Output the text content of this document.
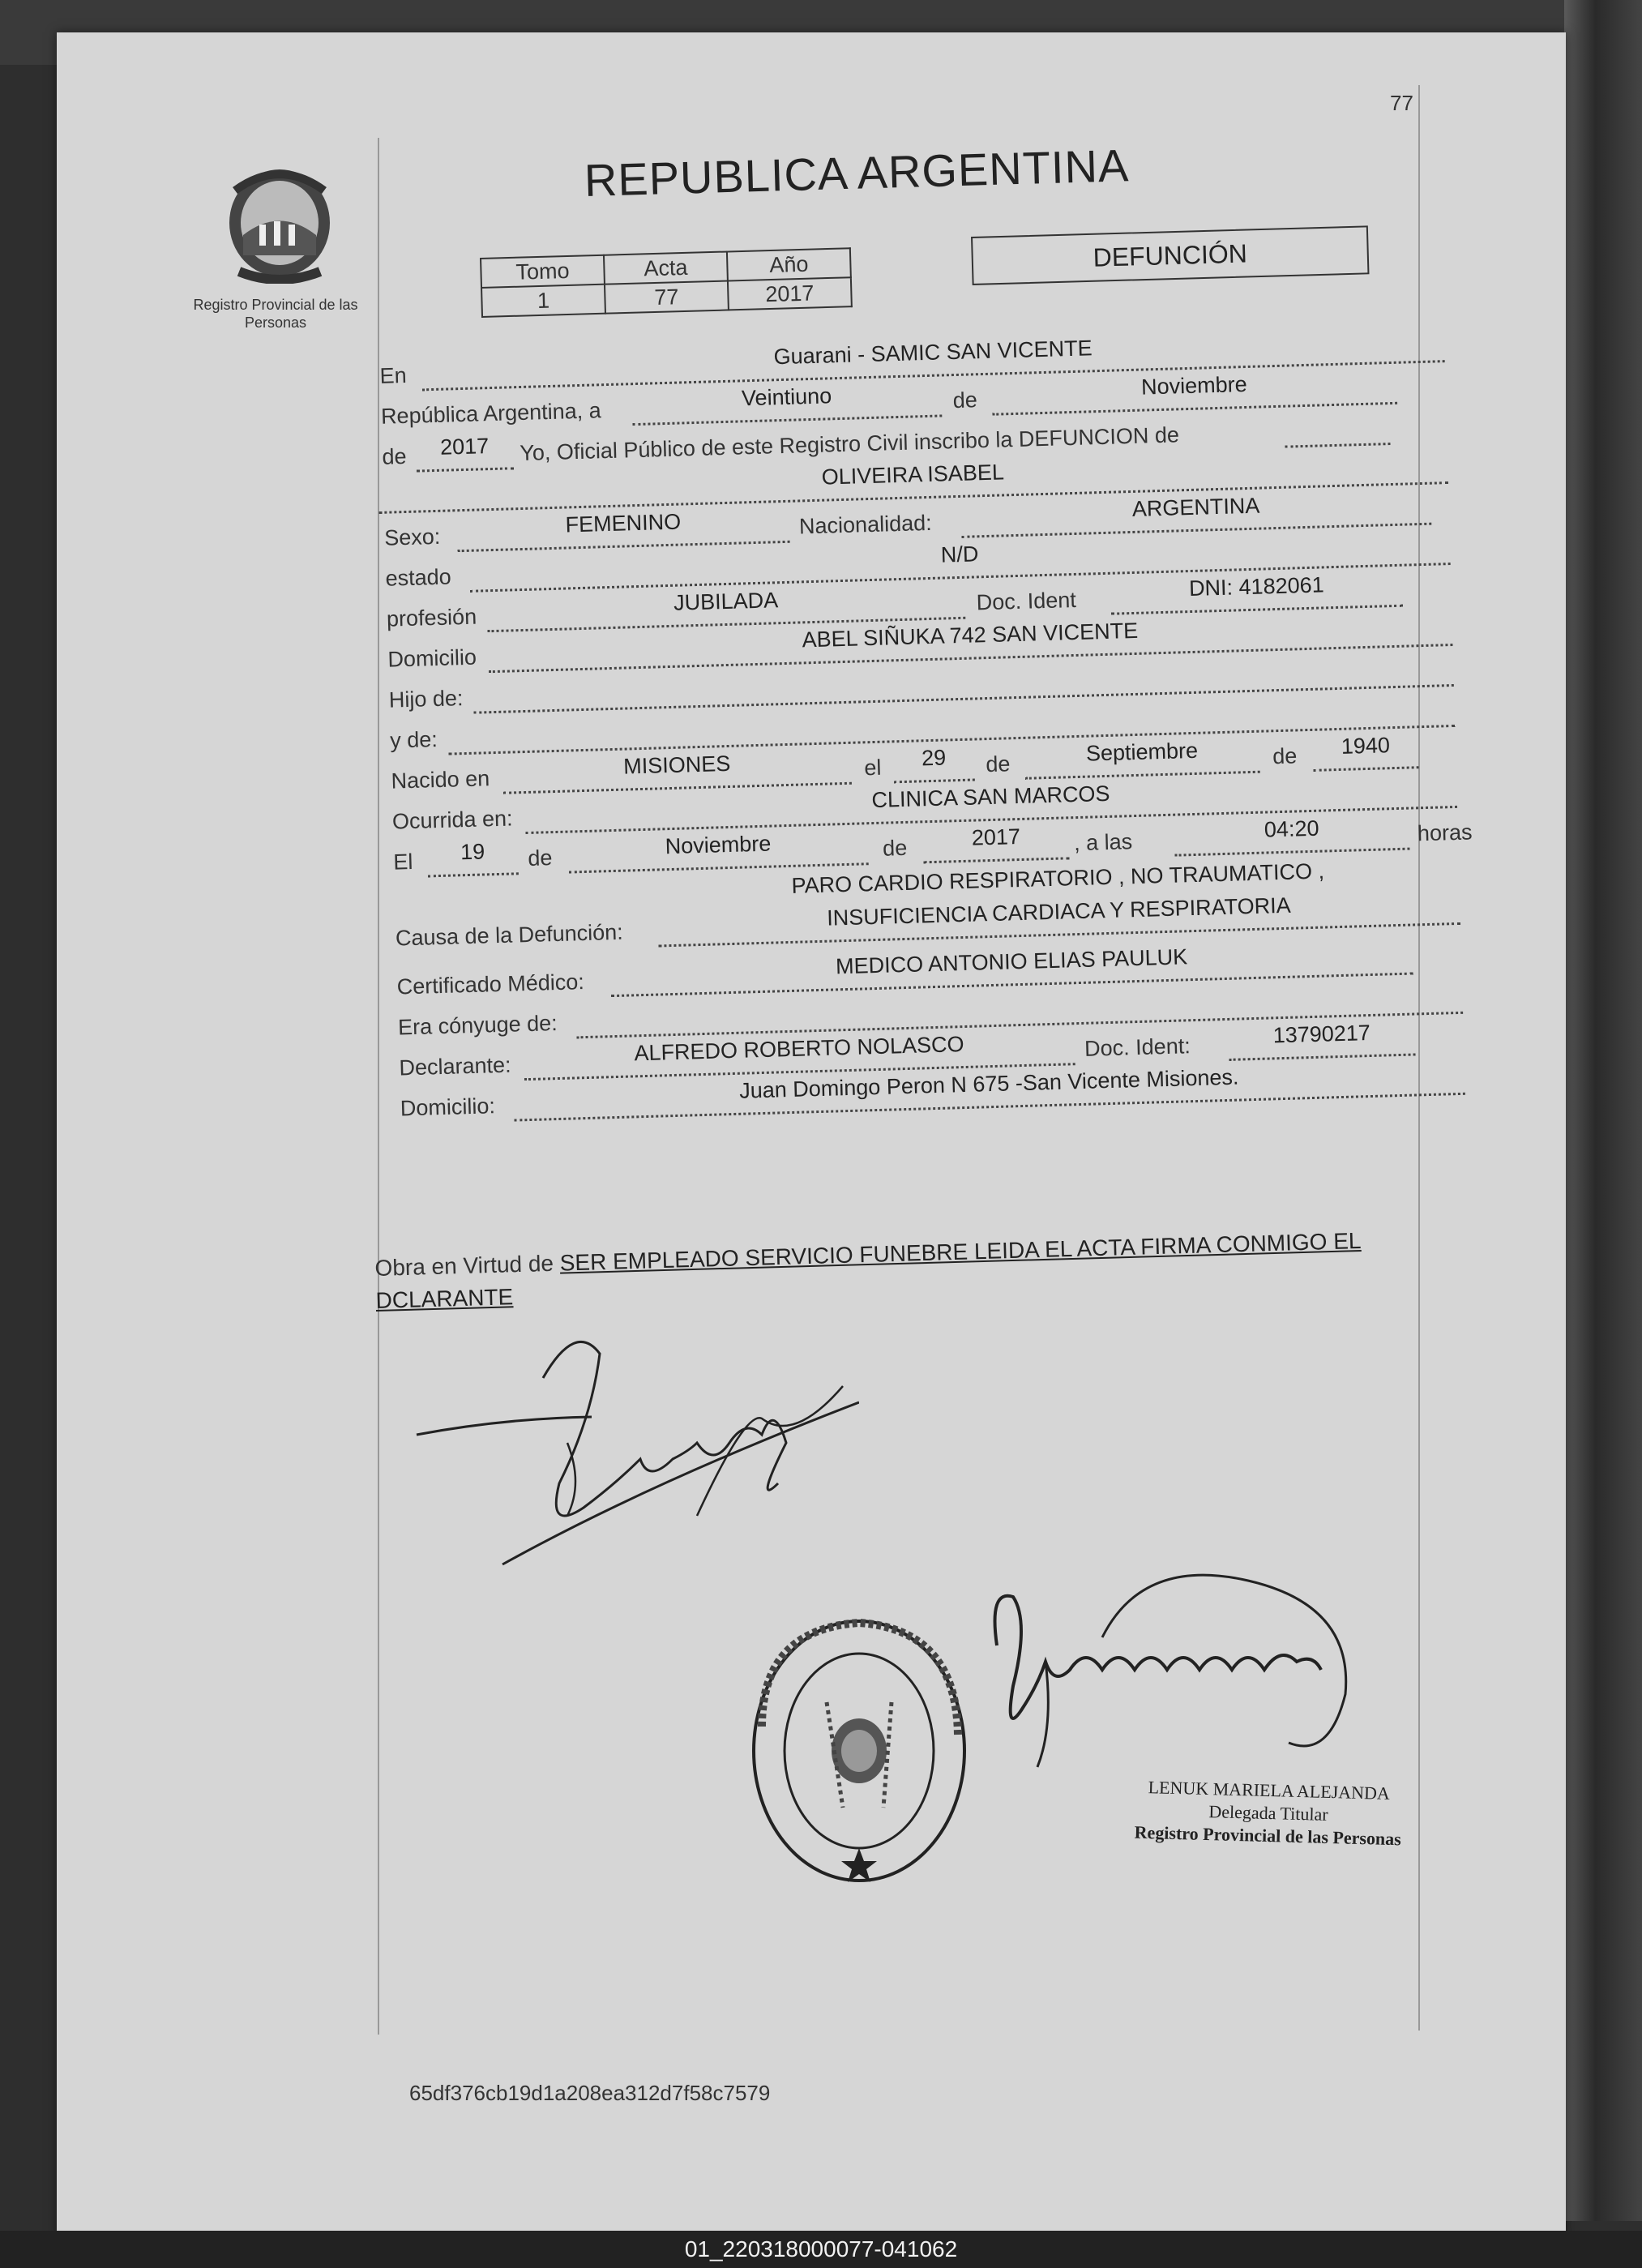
77
Registro Provincial de las Personas
REPUBLICA ARGENTINA
Tomo	Acta	Año
1	77	2017
DEFUNCIÓN
En
Guarani - SAMIC SAN VICENTE
República Argentina, a
Veintiuno	de
Noviembre
de	2017	Yo, Oficial Público de este Registro Civil inscribo la DEFUNCION de
OLIVEIRA ISABEL
Sexo:
FEMENINO	Nacionalidad:
ARGENTINA
estado
N/D
profesión
JUBILADA	Doc. Ident
DNI: 4182061
Domicilio
ABEL SIÑUKA 742 SAN VICENTE
Hijo de:
y de:
Nacido en
MISIONES	el	29	de	Septiembre	de	1940
Ocurrida en:
CLINICA SAN MARCOS
El	19	de	Noviembre	de	2017	, a las
04:20	horas
PARO CARDIO RESPIRATORIO , NO TRAUMATICO ,
Causa de la Defunción:
INSUFICIENCIA CARDIACA Y RESPIRATORIA
Certificado Médico:
MEDICO ANTONIO ELIAS PAULUK
Era cónyuge de:
Declarante:
ALFREDO ROBERTO NOLASCO	Doc. Ident:	13790217
Domicilio:
Juan Domingo Peron N 675 -San Vicente Misiones.
Obra en Virtud de SER EMPLEADO SERVICIO FUNEBRE LEIDA EL ACTA FIRMA CONMIGO EL DCLARANTE
LENUK MARIELA ALEJANDA
Delegada Titular
Registro Provincial de las Personas
65df376cb19d1a208ea312d7f58c7579
01_220318000077-041062
